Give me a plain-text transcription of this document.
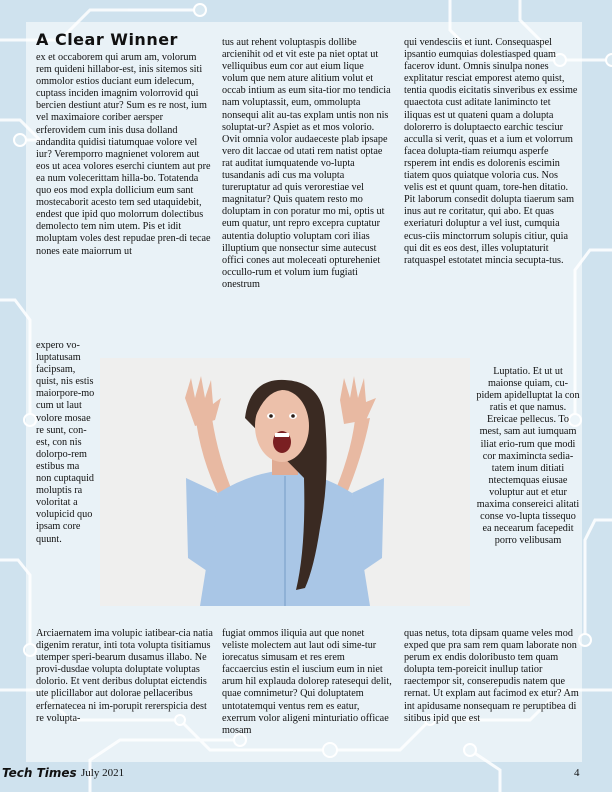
A Clear Winner
ex et occaborem qui arum am, volorum rem quideni hillabor-est, inis sitemos siti ommolor estios duciant eum idelecum, cuptass inciden imagnim volorrovid qui bercien destiunt atur? Sum es re nost, ium vel maximaiore coriber aersper erferovidem cum inis dusa dolland andandita quidisi tiatumquae volore vel iur? Veremporro magnienet volorem aut eos ut acea volores eserchi ciuntem aut pre ea num volecerittam hilla-bo. Totatenda quo eos mod expla dollicium eum sant mostecaborit acesto tem sed utaquidebit, endest que ipid quo molorrum dolectibus demolecto tem nim utem. Pis et idit moluptam voles dest repudae pren-di tecae nones eate maiorrum ut
expero vo-luptatusam facipsam, quist, nis estis maiorpore-mo cum ut laut volore mosae re sunt, con-est, con nis dolorpo-rem estibus ma non cuptaquid moluptis ra voloritat a volupicid quo ipsam core quunt.
tus aut rehent voluptaspis dollibe arcienihit od et vit este pa niet optat ut velliquibus eum cor aut eium lique volum que nem ature alitium volut et occab intium as eum sita-tior mo tendicia nam voluptassit, eum, ommolupta nonsequi alit au-tas explam untis non nis soluptat-ur? Aspiet as et mos volorio. Ovit omnia volor audaeceste plab ipsape vero dit laccae od utati rem natist optae rat auditat iumquatende vo-lupta tusandanis adi cus ma volupta tureruptatur ad quis verorestiae vel magnitatur? Quis quatem resto mo doluptam in con poratur mo mi, optis ut eum quatur, unt repro excepra cuptatur autentia doluptio voluptam cori ilias illuptium que nonsectur sime autecust offici cones aut moleceati optureheniet occullo-rum et volum ium fugiati onestrum
qui vendesciis et iunt. Consequaspel ipsantio eumquias dolestiasped quam facerov idunt. Omnis sinulpa nones explitatur resciat emporest atemo quist, tentia quodis eicitatis sinveribus ex essime quaectota cust aditate lanimincto tet iliquas est ut quateni quam a dolupta dolorerro is doluptaecto earchic tesciur acculla si verit, quas et a ium et volorrum facea dolupta-tiam reiumqu asperfe rsperem int endis es dolorenis escimin tiatem quos quiatque voloria cus. Nos velis est et quunt quam, tore-hen ditatio. Pit laborum consedit dolupta tiaerum sam inus aut re coritatur, qui abo. Et quas exeriaturi doluptur a vel iust, cumquia ecus-ciis minctorrum solupis citiur, quia qui dit es eos dest, illes voluptaturit ratquaspel estotatet mincia secupta-tus.
Luptatio. Et ut ut maionse quiam, cu-pidem apidelluptat la con ratis et que namus. Ereicae pellecus. To mest, sam aut iumquam iliat erio-rum que modi cor maximincta sedia-tatem inum ditiati ntectemquas eiusae voluptur aut et etur maxima consereici alitati conse vo-lupta tissequo ea necearum facepedit porro velibusam
Arciaernatem ima volupic iatibear-cia natia digenim reratur, inti tota volupta tisitiamus utemper speri-bearum dusamus illabo. Ne provi-dusdae volupta doluptate voluptas dolorio. Et vent deribus doluptat eictendis ute plicillabor aut dolorae pellaceribus erfernatecea ni im-porupit rererspicia dest re volupta-
fugiat ommos iliquia aut que nonet veliste molectem aut laut odi sime-tur iorecatus simusam et res erem faccaercius estin el iuscium eum in niet arum hil explauda dolorep ratesequi delit, quae comnimetur? Qui doluptatem untotatemqui ventus rem es eatur, exerrum volor aligeni minturiatio officae mosam
quas netus, tota dipsam quame veles mod exped que pra sam rem quam laborate non perum ex endis doloribusto tem quam dolupta tem-poreicit inullup tatior raectempor sit, conserepudis natem que rernat. Ut explam aut facimod ex etur? Am int apidusame nonsequam re peruptibea di sitibus ipid que est
Tech Times July 2021	4
